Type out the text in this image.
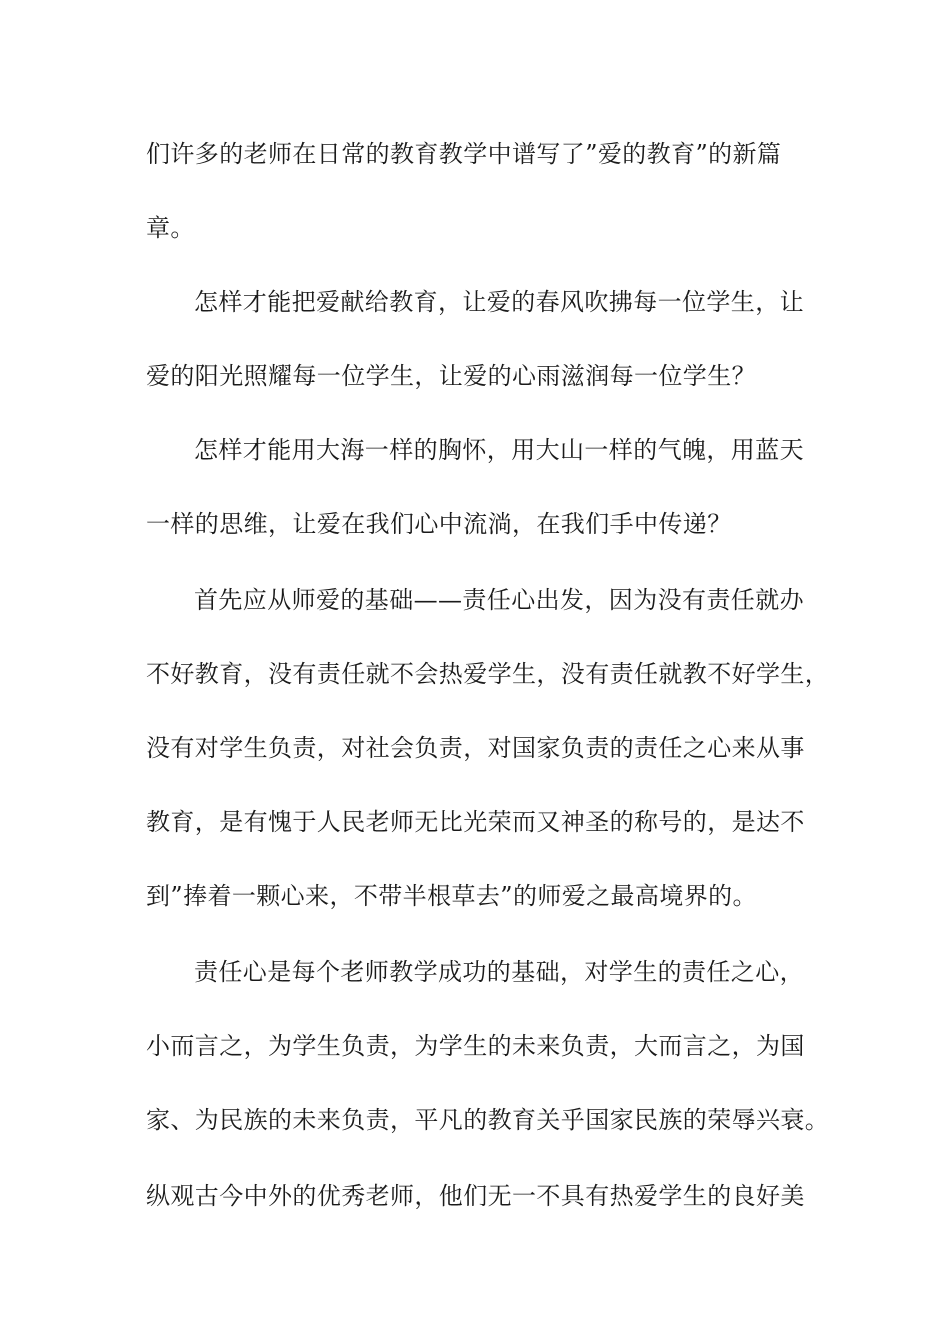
们许多的老师在日常的教育教学中谱写了”爱的教育”的新篇
章。
怎样才能把爱献给教育，让爱的春风吹拂每一位学生，让
爱的阳光照耀每一位学生，让爱的心雨滋润每一位学生？
怎样才能用大海一样的胸怀，用大山一样的气魄，用蓝天
一样的思维，让爱在我们心中流淌，在我们手中传递？
首先应从师爱的基础——责任心出发，因为没有责任就办
不好教育，没有责任就不会热爱学生，没有责任就教不好学生，
没有对学生负责，对社会负责，对国家负责的责任之心来从事
教育，是有愧于人民老师无比光荣而又神圣的称号的，是达不
到”捧着一颗心来，不带半根草去”的师爱之最高境界的。
责任心是每个老师教学成功的基础，对学生的责任之心，
小而言之，为学生负责，为学生的未来负责，大而言之，为国
家、为民族的未来负责，平凡的教育关乎国家民族的荣辱兴衰。
纵观古今中外的优秀老师，他们无一不具有热爱学生的良好美
